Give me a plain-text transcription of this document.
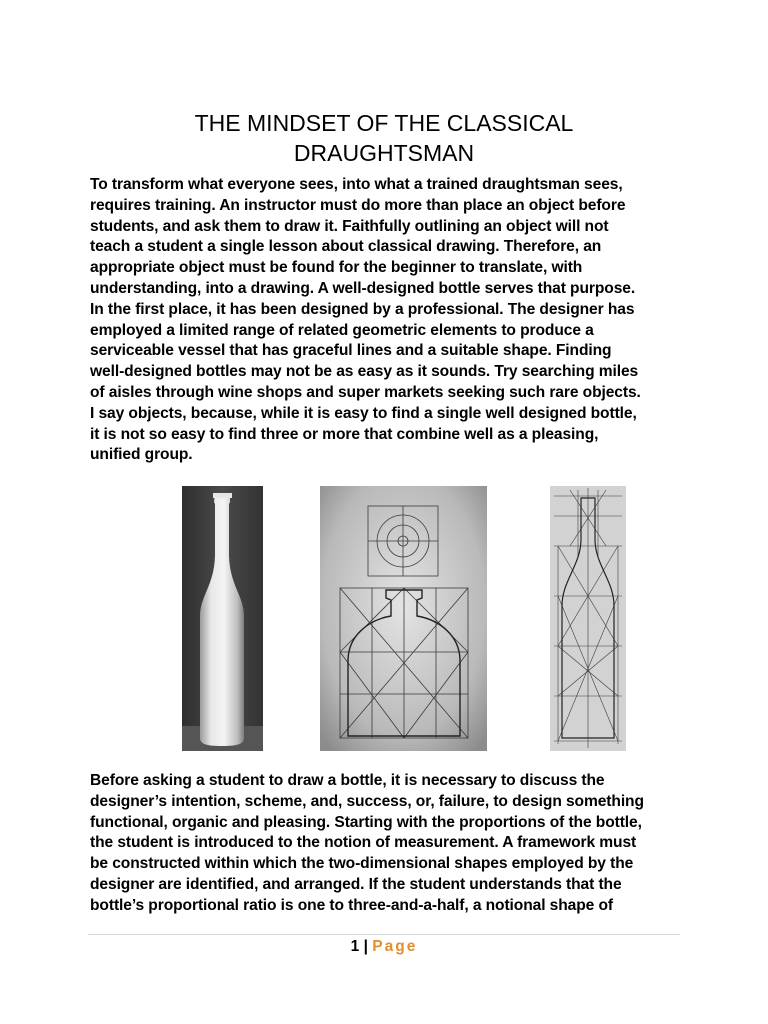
THE MINDSET OF THE CLASSICAL
DRAUGHTSMAN

To transform what everyone sees, into what a trained draughtsman sees,
requires training. An instructor must do more than place an object before
students, and ask them to draw it. Faithfully outlining an object will not
teach a student a single lesson about classical drawing. Therefore, an
appropriate object must be found for the beginner to translate, with
understanding, into a drawing. A well-designed bottle serves that purpose.
In the first place, it has been designed by a professional. The designer has
employed a limited range of related geometric elements to produce a
serviceable vessel that has graceful lines and a suitable shape. Finding
well-designed bottles may not be as easy as it sounds. Try searching miles
of aisles through wine shops and super markets seeking such rare objects.
I say objects, because, while it is easy to find a single well designed bottle,
it is not so easy to find three or more that combine well as a pleasing,
unified group.

Before asking a student to draw a bottle, it is necessary to discuss the
designer’s intention, scheme, and, success, or, failure, to design something
functional, organic and pleasing. Starting with the proportions of the bottle,
the student is introduced to the notion of measurement. A framework must
be constructed within which the two-dimensional shapes employed by the
designer are identified, and arranged. If the student understands that the
bottle’s proportional ratio is one to three-and-a-half, a notional shape of

1 | Page
